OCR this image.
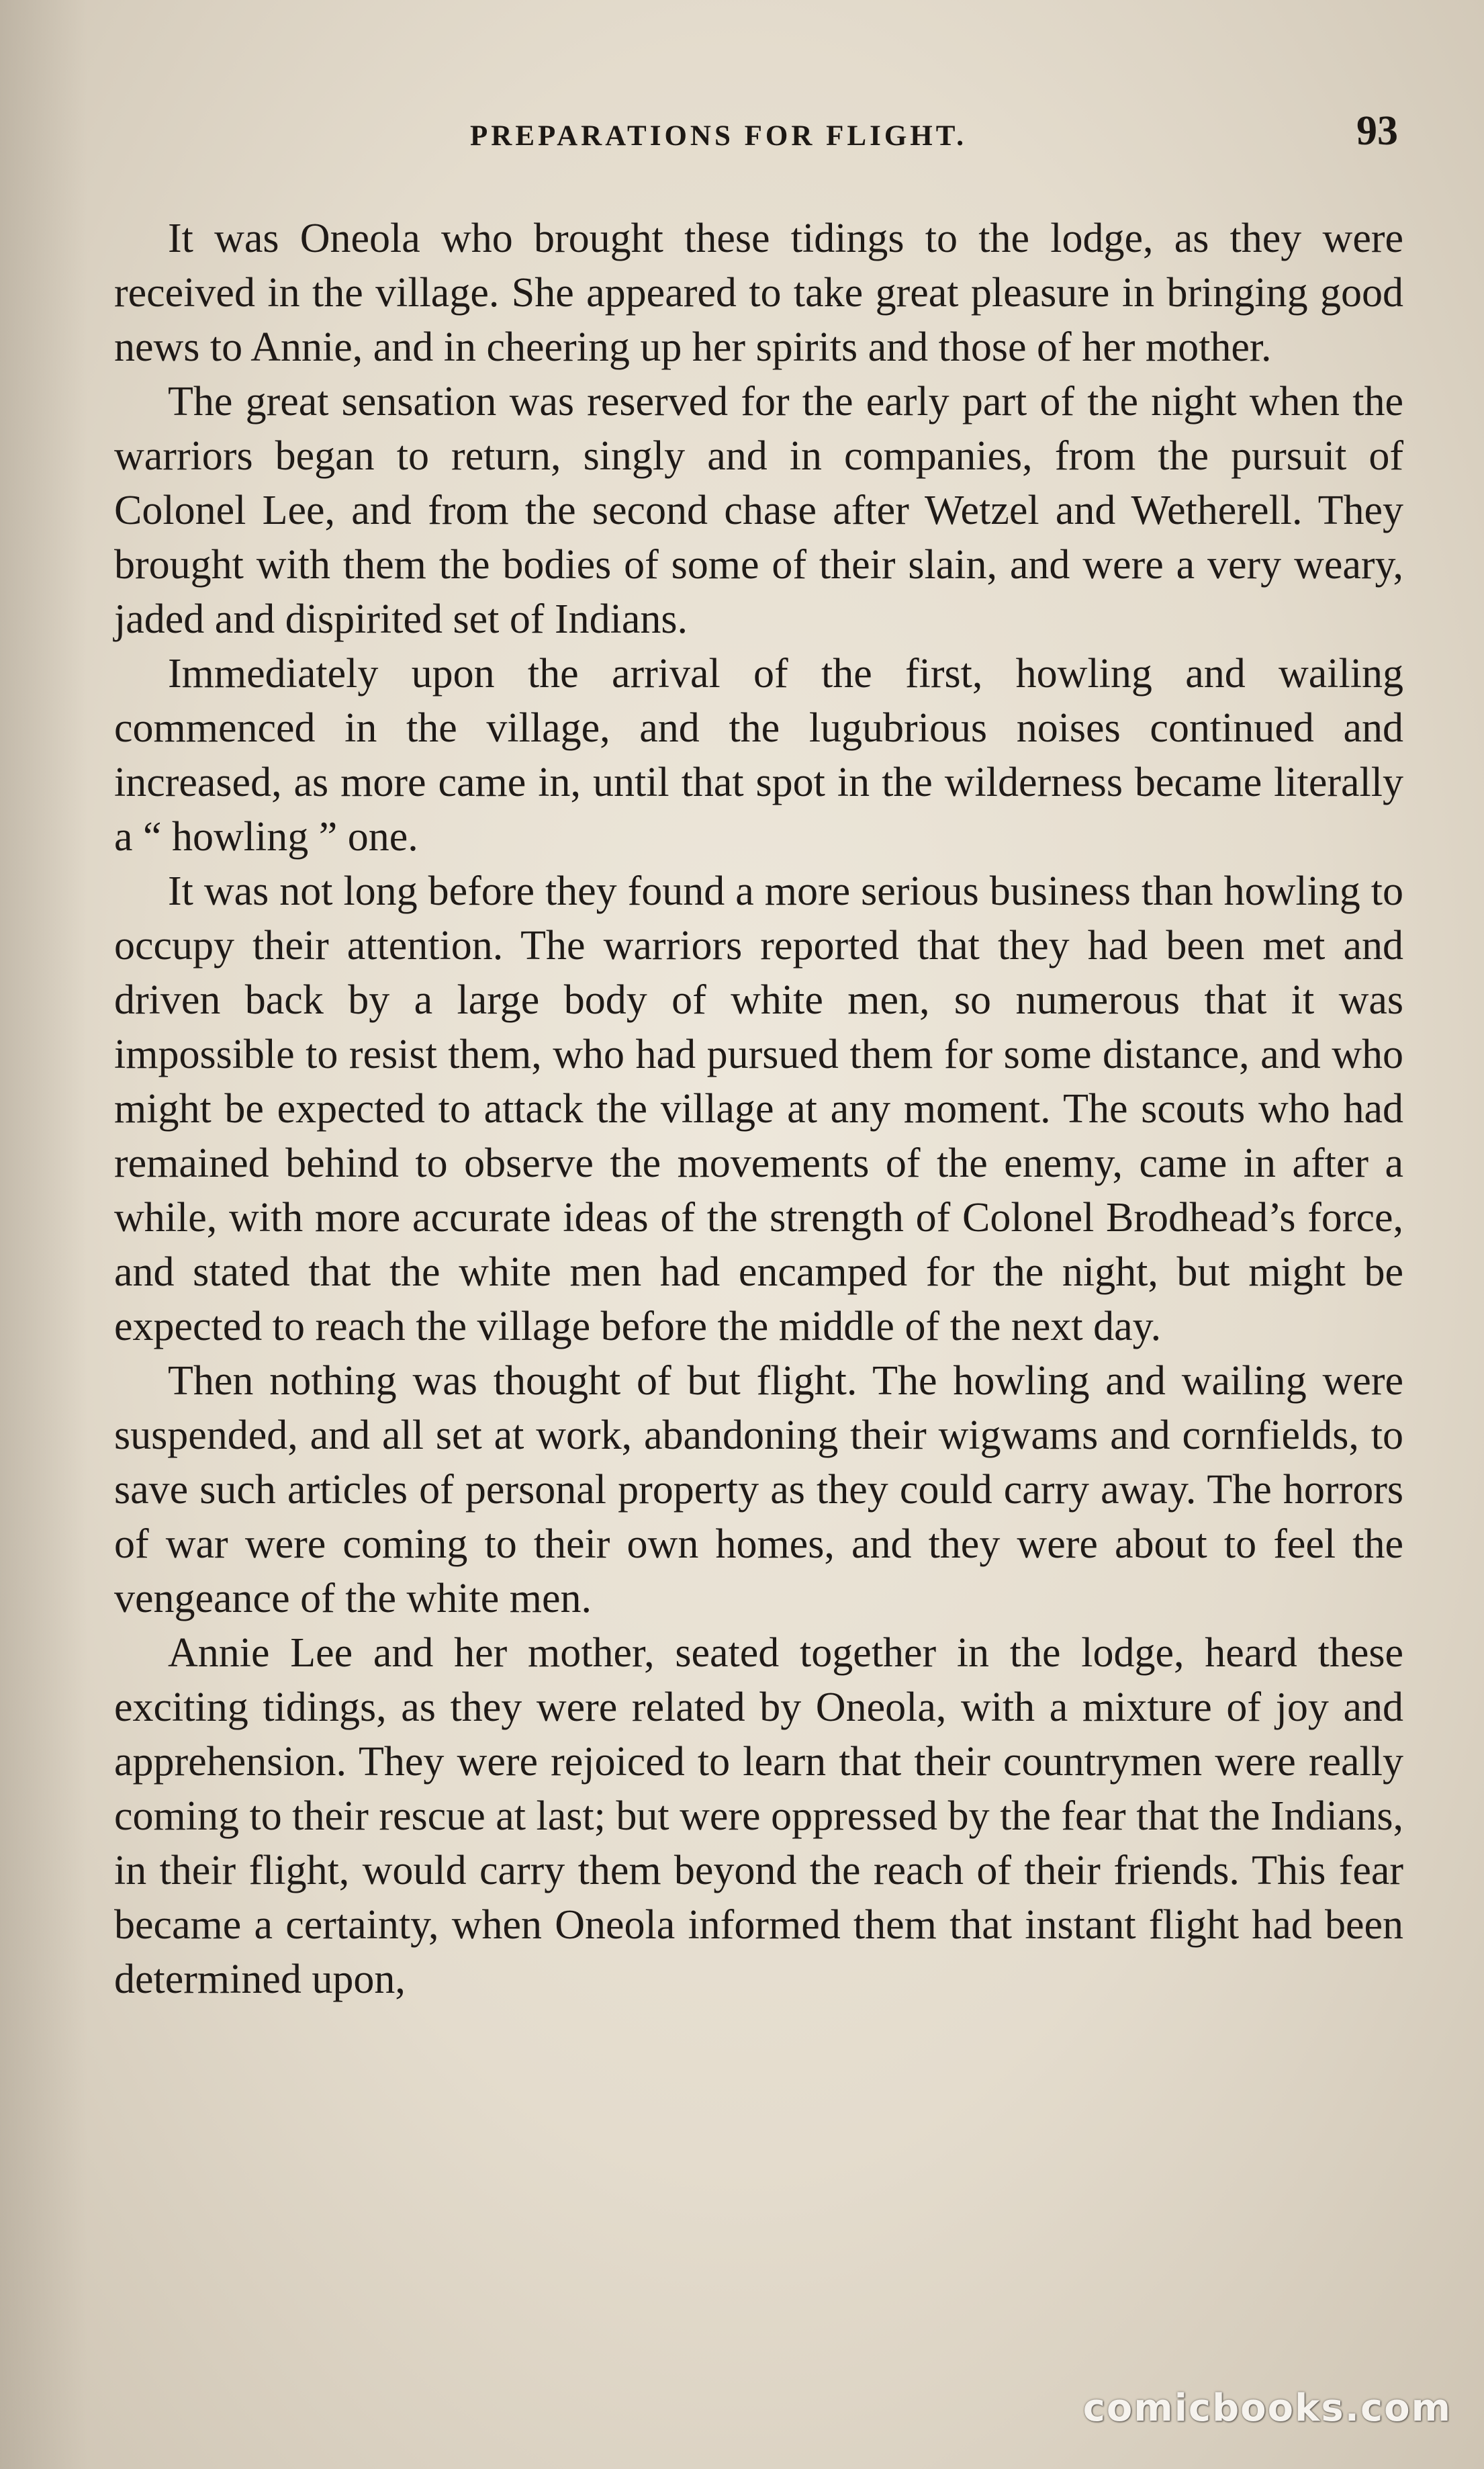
PREPARATIONS FOR FLIGHT.	93

It was Oneola who brought these tidings to the lodge, as they were received in the village. She appeared to take great pleasure in bringing good news to Annie, and in cheering up her spirits and those of her mother.

The great sensation was reserved for the early part of the night when the warriors began to return, singly and in companies, from the pursuit of Colonel Lee, and from the second chase after Wetzel and Wetherell. They brought with them the bodies of some of their slain, and were a very weary, jaded and dispirited set of Indians.

Immediately upon the arrival of the first, howling and wailing commenced in the village, and the lugubrious noises continued and increased, as more came in, until that spot in the wilderness became literally a “ howling ” one.

It was not long before they found a more serious business than howling to occupy their attention. The warriors reported that they had been met and driven back by a large body of white men, so numerous that it was impossible to resist them, who had pursued them for some distance, and who might be expected to attack the village at any moment. The scouts who had remained behind to observe the movements of the enemy, came in after a while, with more accurate ideas of the strength of Colonel Brodhead’s force, and stated that the white men had encamped for the night, but might be expected to reach the village before the middle of the next day.

Then nothing was thought of but flight. The howling and wailing were suspended, and all set at work, abandoning their wigwams and cornfields, to save such articles of personal property as they could carry away. The horrors of war were coming to their own homes, and they were about to feel the vengeance of the white men.

Annie Lee and her mother, seated together in the lodge, heard these exciting tidings, as they were related by Oneola, with a mixture of joy and apprehension. They were rejoiced to learn that their countrymen were really coming to their rescue at last; but were oppressed by the fear that the Indians, in their flight, would carry them beyond the reach of their friends. This fear became a certainty, when Oneola informed them that instant flight had been determined upon,

comicbooks.com
